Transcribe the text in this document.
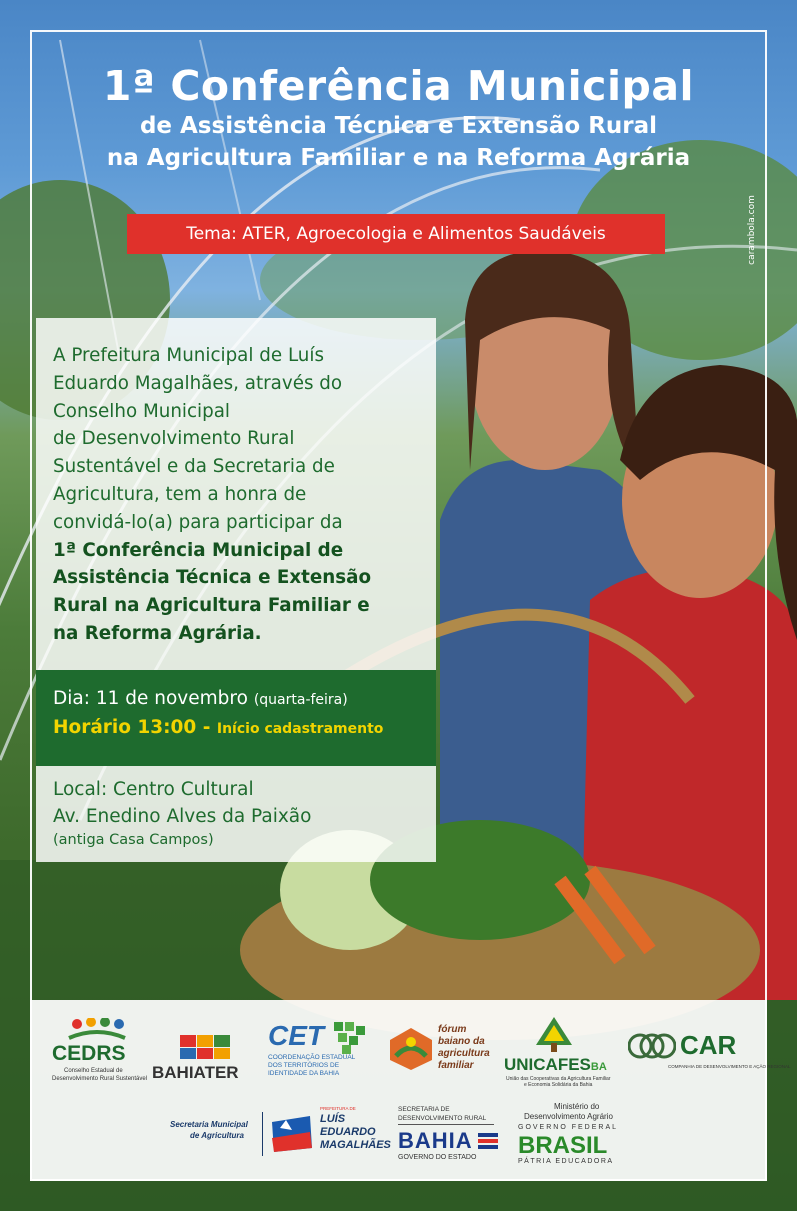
1ª Conferência Municipal
de Assistência Técnica e Extensão Rural
na Agricultura Familiar e na Reforma Agrária
Tema: ATER, Agroecologia e Alimentos Saudáveis	carambola.com
A Prefeitura Municipal de Luís
Eduardo Magalhães, através do
Conselho Municipal
de Desenvolvimento Rural
Sustentável e da Secretaria de
Agricultura, tem a honra de
convidá-lo(a) para participar da
1ª Conferência Municipal de
Assistência Técnica e Extensão
Rural na Agricultura Familiar e
na Reforma Agrária.
Dia: 11 de novembro (quarta-feira)
Horário 13:00 - Início cadastramento
Local: Centro Cultural
Av. Enedino Alves da Paixão
(antiga Casa Campos)
CEDRS
Conselho Estadual de
Desenvolvimento Rural Sustentável BAHIATER
CET
COORDENAÇÃO ESTADUAL
DOS TERRITÓRIOS DE
IDENTIDADE DA BAHIA
fórum
baiano da
agricultura
familiar UNICAFESBA
União das Cooperativas da Agricultura Familiar
e Economia Solidária da Bahia
CAR
COMPANHIA DE DESENVOLVIMENTO E AÇÃO REGIONAL
Secretaria Municipal
de Agricultura
PREFEITURA DE
LUÍS
EDUARDO
MAGALHÃES
SECRETARIA DE
DESENVOLVIMENTO RURAL
BAHIA
GOVERNO DO ESTADO
Ministério do
Desenvolvimento Agrário
GOVERNO FEDERAL
BRASIL
PÁTRIA EDUCADORA
